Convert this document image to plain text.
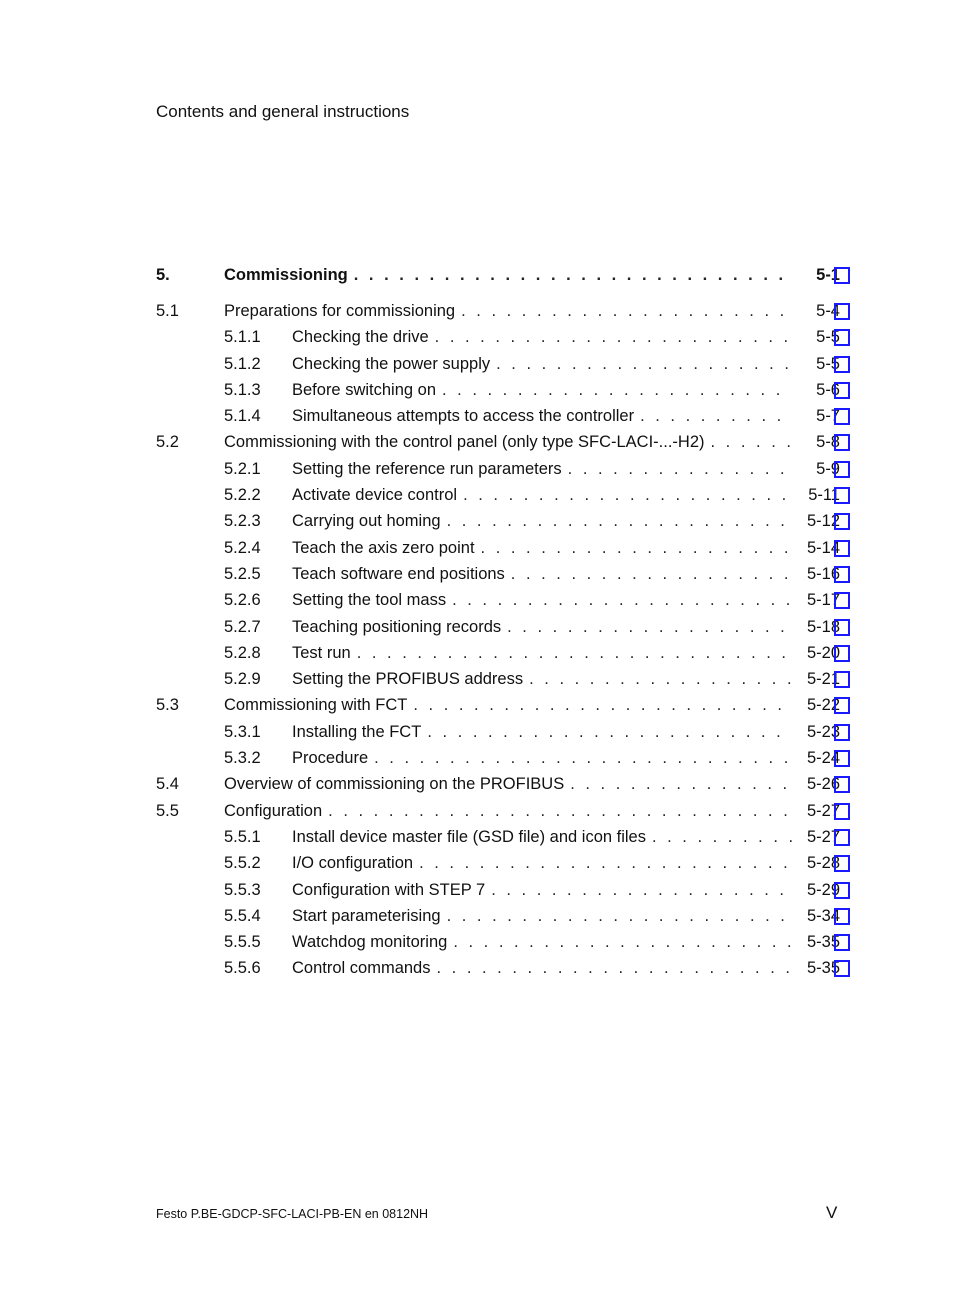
Contents and general instructions
5.	Commissioning . . .	5-1
5.1	Preparations for commissioning . . .	5-4
5.1.1 Checking the drive . . .	5-5
5.1.2 Checking the power supply . . .	5-5
5.1.3 Before switching on . . .	5-6
5.1.4 Simultaneous attempts to access the controller . . .	5-7
5.2	Commissioning with the control panel (only type SFC-LACI-...-H2) . . .	5-8
5.2.1 Setting the reference run parameters . . .	5-9
5.2.2 Activate device control . . .	5-11
5.2.3 Carrying out homing . . .	5-12
5.2.4 Teach the axis zero point . . .	5-14
5.2.5 Teach software end positions . . .	5-16
5.2.6 Setting the tool mass . . .	5-17
5.2.7 Teaching positioning records . . .	5-18
5.2.8 Test run . . .	5-20
5.2.9 Setting the PROFIBUS address . . .	5-21
5.3	Commissioning with FCT . . .	5-22
5.3.1 Installing the FCT . . .	5-23
5.3.2 Procedure . . .	5-24
5.4	Overview of commissioning on the PROFIBUS . . .	5-26
5.5	Configuration . . .	5-27
5.5.1 Install device master file (GSD file) and icon files . . .	5-27
5.5.2 I/O configuration . . .	5-28
5.5.3 Configuration with STEP 7 . . .	5-29
5.5.4 Start parameterising . . .	5-34
5.5.5 Watchdog monitoring . . .	5-35
5.5.6 Control commands . . .	5-35
Festo P.BE-GDCP-SFC-LACI-PB-EN en 0812NH	V
